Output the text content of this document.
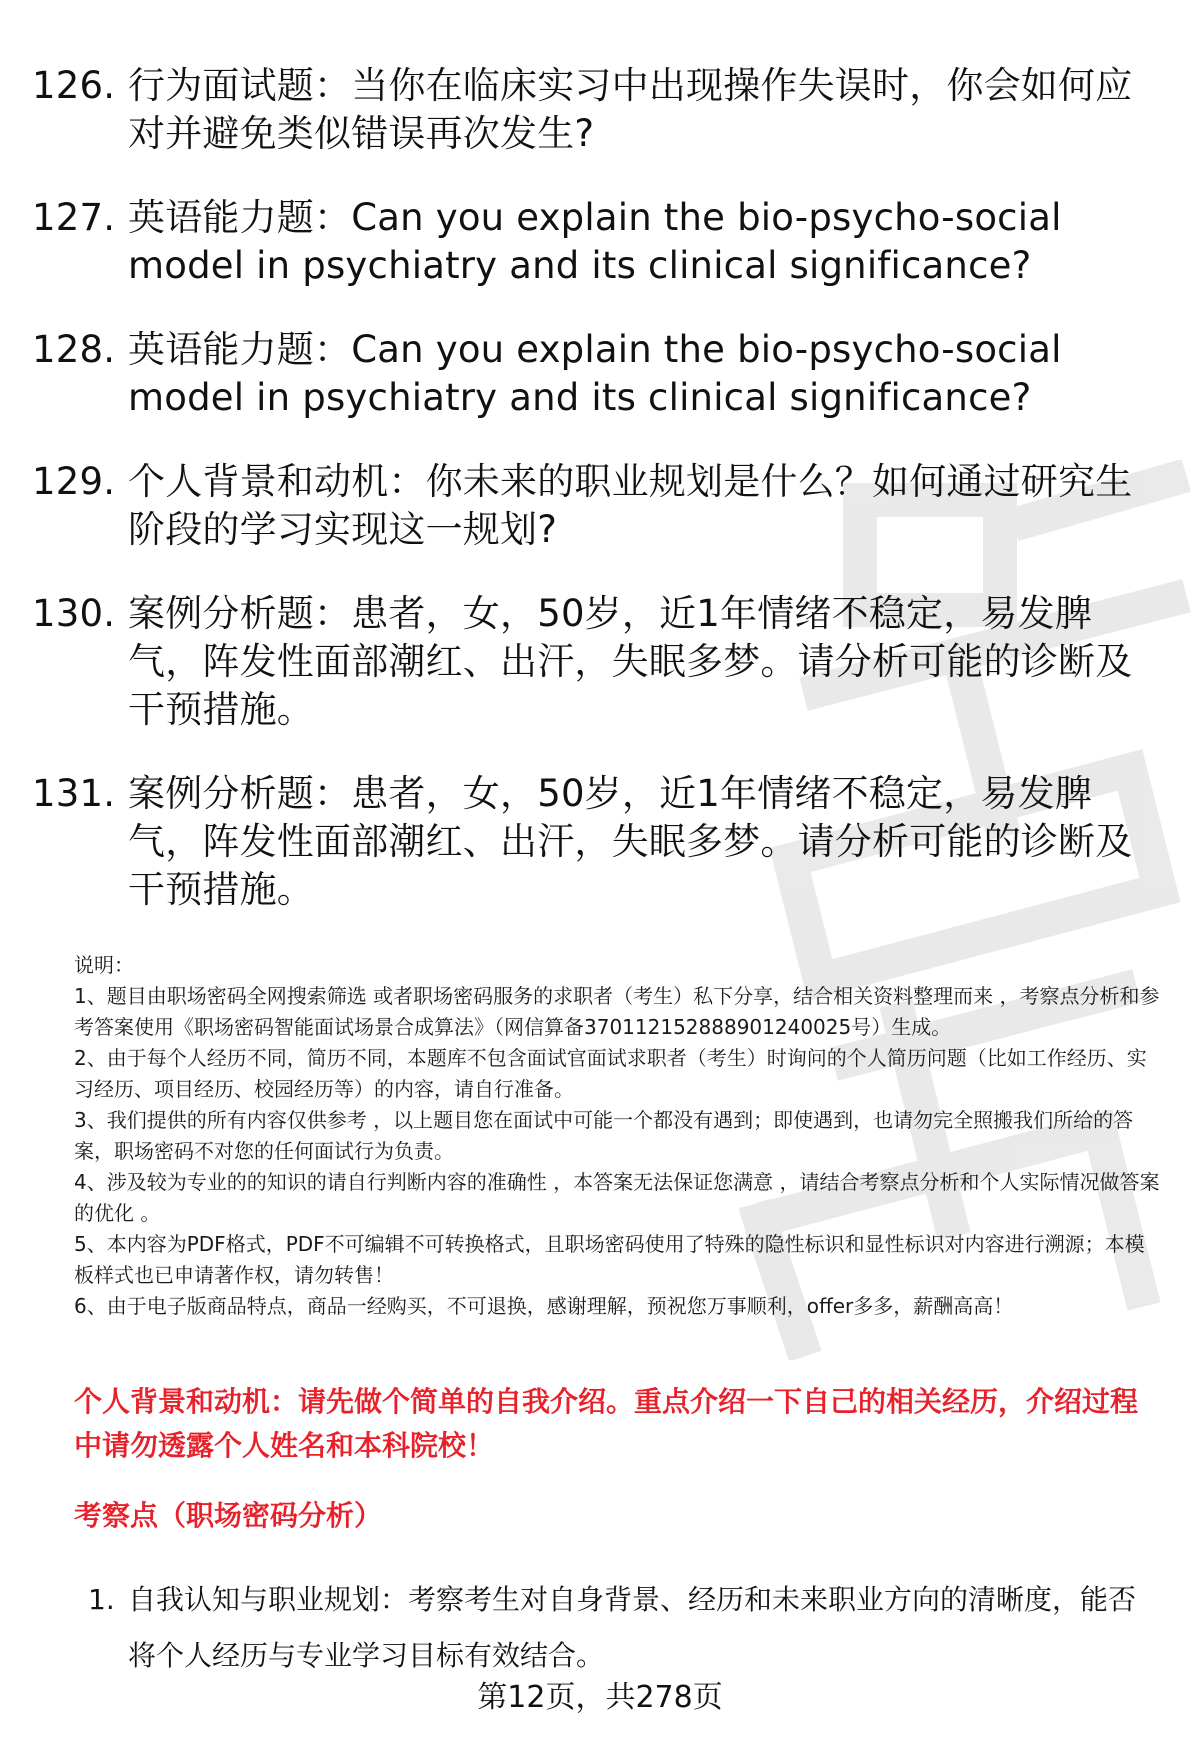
126. 行为面试题：当你在临床实习中出现操作失误时，你会如何应对并避免类似错误再次发生?
127. 英语能力题：Can you explain the bio-psycho-social model in psychiatry and its clinical significance?
128. 英语能力题：Can you explain the bio-psycho-social model in psychiatry and its clinical significance?
129. 个人背景和动机：你未来的职业规划是什么？如何通过研究生阶段的学习实现这一规划?
130. 案例分析题：患者，女，50岁，近1年情绪不稳定，易发脾气，阵发性面部潮红、出汗，失眠多梦。请分析可能的诊断及干预措施。
131. 案例分析题：患者，女，50岁，近1年情绪不稳定，易发脾气，阵发性面部潮红、出汗，失眠多梦。请分析可能的诊断及干预措施。

说明：

1、题目由职场密码全网搜索筛选 或者职场密码服务的求职者（考生）私下分享，结合相关资料整理而来 ，考察点分析和参考答案使用《职场密码智能面试场景合成算法》（网信算备370112152888901240025号）生成。

2、由于每个人经历不同，简历不同，本题库不包含面试官面试求职者（考生）时询问的个人简历问题（比如工作经历、实习经历、项目经历、校园经历等）的内容，请自行准备。

3、我们提供的所有内容仅供参考 ，以上题目您在面试中可能一个都没有遇到；即使遇到，也请勿完全照搬我们所给的答案，职场密码不对您的任何面试行为负责。

4、涉及较为专业的的知识的请自行判断内容的准确性 ，本答案无法保证您满意 ，请结合考察点分析和个人实际情况做答案的优化 。

5、本内容为PDF格式，PDF不可编辑不可转换格式，且职场密码使用了特殊的隐性标识和显性标识对内容进行溯源；本模板样式也已申请著作权，请勿转售！

6、由于电子版商品特点，商品一经购买，不可退换，感谢理解，预祝您万事顺利，offer多多，薪酬高高！

个人背景和动机：请先做个简单的自我介绍。重点介绍一下自己的相关经历，介绍过程中请勿透露个人姓名和本科院校！
考察点（职场密码分析）
1. 自我认知与职业规划：考察考生对自身背景、经历和未来职业方向的清晰度，能否将个人经历与专业学习目标有效结合。
第12页，共278页
